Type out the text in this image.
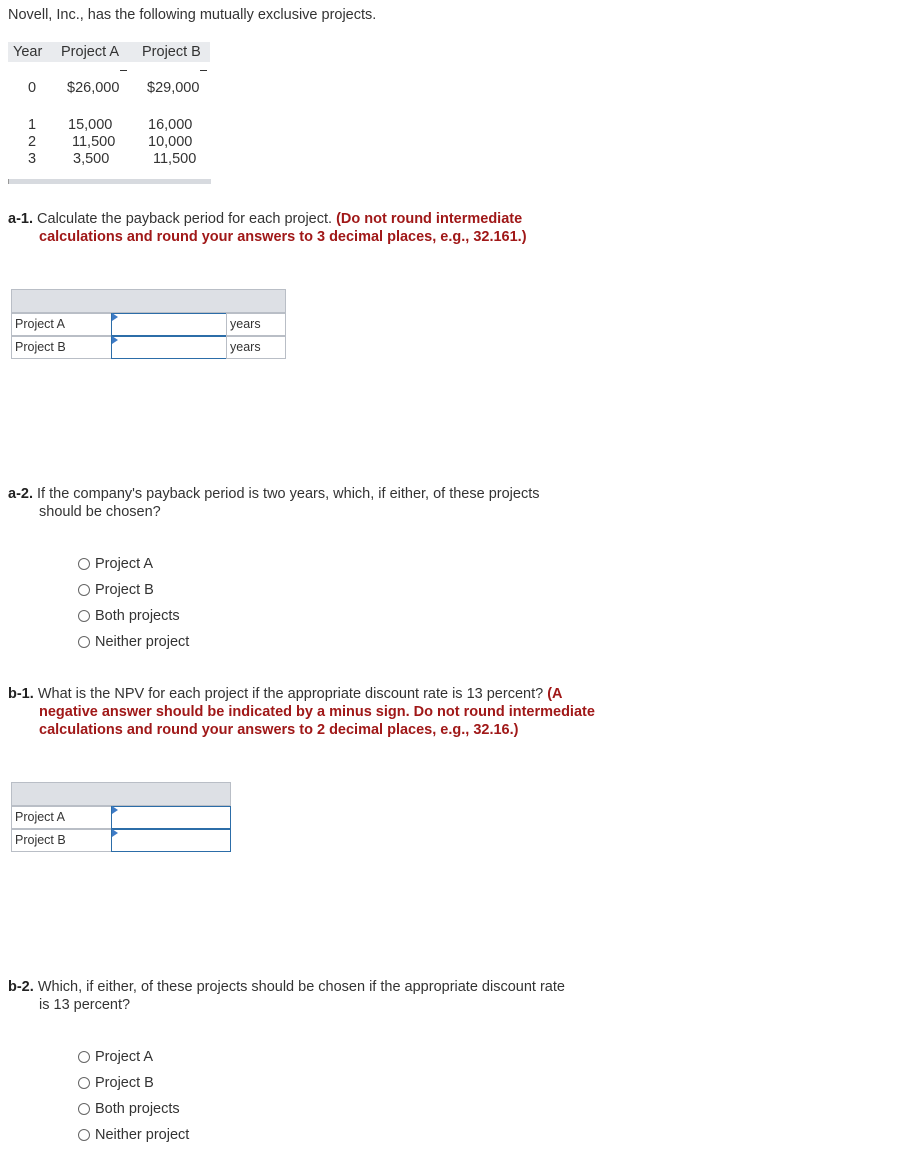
Novell, Inc., has the following mutually exclusive projects.
Year Project A Project B
0 $26,000 $29,000
1 15,000 16,000
2 11,500 10,000
3	3,500	11,500
a-1. Calculate the payback period for each project. (Do not round intermediate
calculations and round your answers to 3 decimal places, e.g., 32.161.)
Project A	years
Project B	years
a-2. If the company's payback period is two years, which, if either, of these projects
should be chosen?
Project A
Project B
Both projects
Neither project
b-1. What is the NPV for each project if the appropriate discount rate is 13 percent? (A
negative answer should be indicated by a minus sign. Do not round intermediate
calculations and round your answers to 2 decimal places, e.g., 32.16.)
Project A
Project B
b-2. Which, if either, of these projects should be chosen if the appropriate discount rate
is 13 percent?
Project A
Project B
Both projects
Neither project
